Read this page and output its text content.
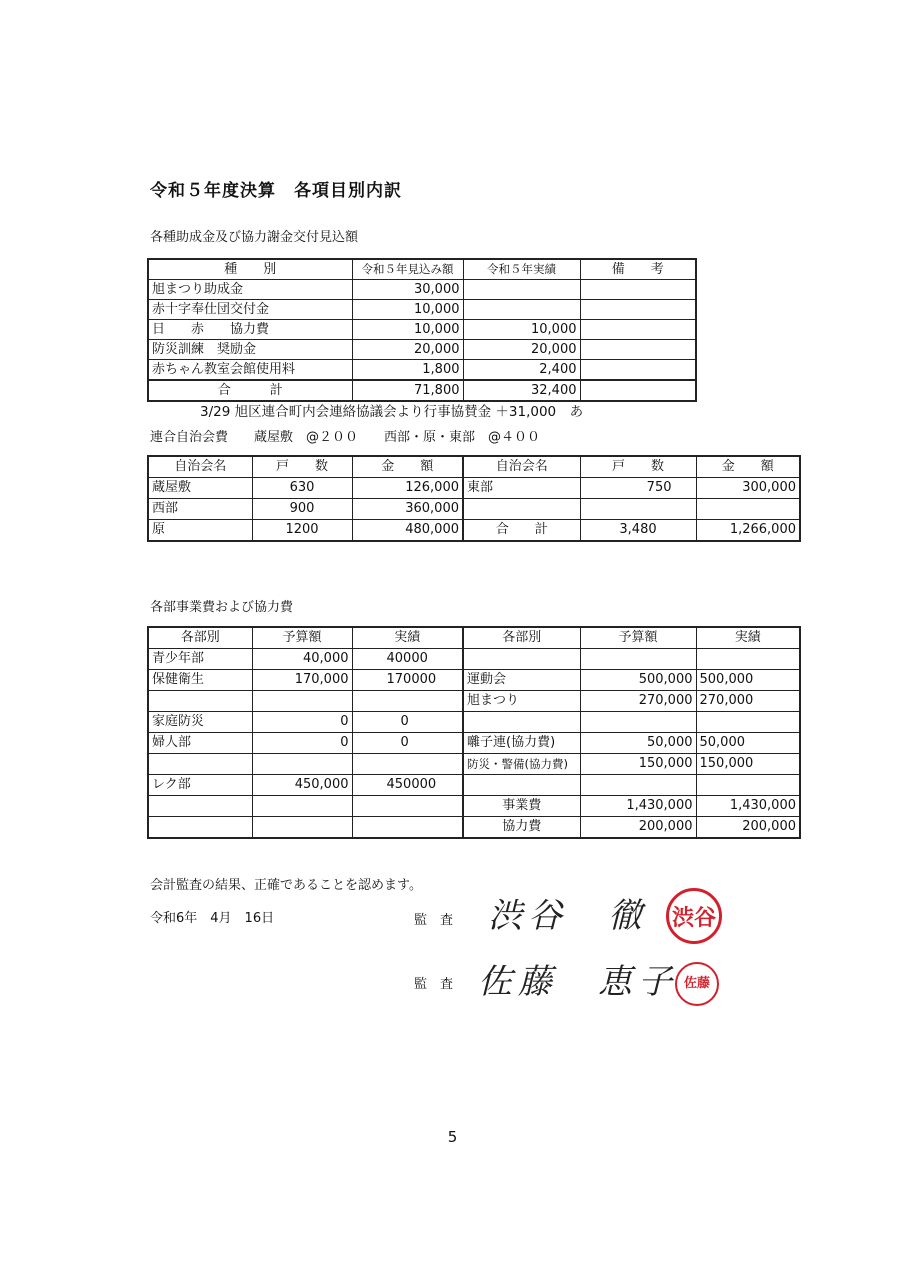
令和５年度決算　各項目別内訳
各種助成金及び協力謝金交付見込額
種　　別	令和５年見込み額	令和５年実績	備　　考
旭まつり助成金	30,000		
赤十字奉仕団交付金	10,000		
日　　赤　　協力費	10,000	10,000	
防災訓練　奨励金	20,000	20,000	
赤ちゃん教室会館使用料	1,800	2,400	
合　　　計	71,800	32,400	
3/29 旭区連合町内会連絡協議会より行事協賛金 ＋31,000　あ
連合自治会費　　蔵屋敷　@２００　　西部・原・東部　@４００
自治会名	戸　　数	金　　額	自治会名	戸　　数	金　　額
蔵屋敷	630	126,000	東部	750	300,000
西部	900	360,000			
原	1200	480,000	合　　計	3,480	1,266,000
各部事業費および協力費
各部別	予算額	実績	各部別	予算額	実績
青少年部	40,000	40000			
保健衛生	170,000	170000	運動会	500,000	500,000
			旭まつり	270,000	270,000
家庭防災	0	0			
婦人部	0	0	囃子連(協力費)	50,000	50,000
			防災・警備(協力費)	150,000	150,000
レク部	450,000	450000			
			事業費	1,430,000	1,430,000
			協力費	200,000	200,000
会計監査の結果、正確であることを認めます。
令和6年　4月　16日	監　査 渋谷　徹 渋谷
監　査 佐藤　恵子 佐藤
5
